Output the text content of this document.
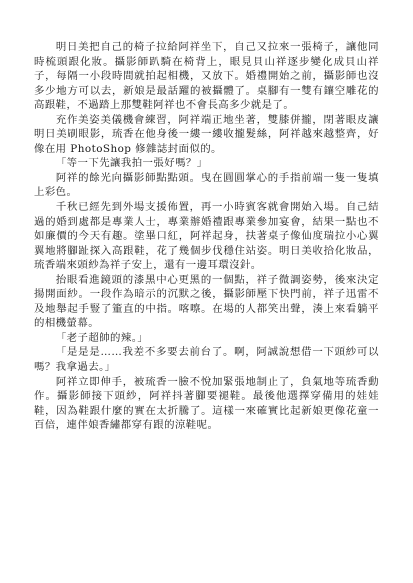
明日美把自己的椅子拉給阿祥坐下，自己又拉來一張椅子，讓他同時梳頭跟化妝。攝影師趴騎在椅背上，眼見貝山祥逐步變化成貝山祥子，每隔一小段時間就拍起相機，又放下。婚禮開始之前，攝影師也沒多少地方可以去，新娘是最話躍的被攝體了。桌腳有一雙有鑲空雕花的高跟鞋，不過踏上那雙鞋阿祥也不會長高多少就是了。

充作美姿美儀機會練習，阿祥端正地坐著，雙膝併攏，閉著眼皮讓明日美刷眼影，琉香在他身後一縷一縷收攏髮絲，阿祥越來越整齊，好像在用 PhotoShop 修雜誌封面似的。

「等一下先讓我拍一張好嗎？」

阿祥的餘光向攝影師點點頭。曳在圓圓掌心的手指前端一隻一隻填上彩色。

千秋已經先到外場支援佈置，再一小時賓客就會開始入場。自己結過的婚到處都是專業人士，專業辦婚禮跟專業參加宴會，結果一點也不如廉價的今天有趣。塗畢口紅，阿祥起身，扶著桌子像仙度瑞拉小心翼翼地將腳趾探入高跟鞋，花了幾個步伐穩住站姿。明日美收拾化妝品，琉香端來頭紗為祥子安上，還有一邊耳環沒針。

抬眼看進鏡頭的漆黑中心更黑的一個點，祥子微調姿勢，後來決定揚開面紗。一段作為暗示的沉默之後，攝影師壓下快門前，祥子迅雷不及地舉起手豎了箽直的中指。喀嚓。在場的人都笑出聲，湊上來看躺平的相機螢幕。

「老子超帥的辣。」

「是是是……我差不多要去前台了。啊，阿誠說想借一下頭紗可以嗎？我拿過去。」

阿祥立即伸手，被琉香一臉不悅加緊張地制止了，負氣地等琉香動作。攝影師接下頭紗，阿祥抖著腳要褪鞋。最後他選擇穿備用的娃娃鞋，因為鞋跟什麼的實在太折騰了。這樣一來確實比起新娘更像花童一百倍，連伴娘香繡都穿有跟的涼鞋呢。
